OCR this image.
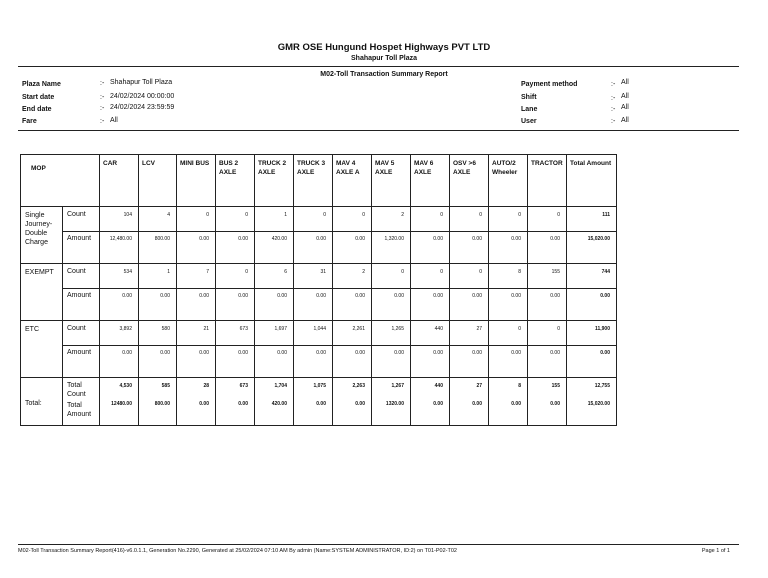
GMR OSE Hungund Hospet Highways PVT LTD
Shahapur Toll Plaza
M02-Toll Transaction Summary Report
Plaza Name	:- Shahapur Toll Plaza
Start date	:- 24/02/2024 00:00:00
End date	:- 24/02/2024 23:59:59
Fare	:- All
Payment method	:- All
Shift	:- All
Lane	:- All
User	:- All
MOP		CAR	LCV	MINI BUS	BUS 2 AXLE	TRUCK 2 AXLE	TRUCK 3 AXLE	MAV 4 AXLE A	MAV 5 AXLE	MAV 6 AXLE	OSV >6 AXLE	AUTO/2 Wheeler	TRACTOR	Total Amount
Single Journey-Double Charge	Count	104	4	0	0	1	0	0	2	0	0	0	0	111
	Amount	12,480.00	800.00	0.00	0.00	420.00	0.00	0.00	1,320.00	0.00	0.00	0.00	0.00	15,020.00
EXEMPT	Count	534	1	7	0	6	31	2	0	0	0	8	155	744
	Amount	0.00	0.00	0.00	0.00	0.00	0.00	0.00	0.00	0.00	0.00	0.00	0.00	0.00
ETC	Count	3,892	580	21	673	1,697	1,044	2,261	1,265	440	27	0	0	11,900
	Amount	0.00	0.00	0.00	0.00	0.00	0.00	0.00	0.00	0.00	0.00	0.00	0.00	0.00
Total:	Total Count	4,530	585	28	673	1,704	1,075	2,263	1,267	440	27	8	155	12,755
	Total Amount	12480.00	800.00	0.00	0.00	420.00	0.00	0.00	1320.00	0.00	0.00	0.00	0.00	15,020.00
M02-Toll Transaction Summary Report(416)-v6.0.1.1, Generation No.2290, Generated at 25/02/2024 07:10 AM By admin (Name:SYSTEM ADMINISTRATOR, ID:2) on T01-P02-T02	Page 1 of 1
